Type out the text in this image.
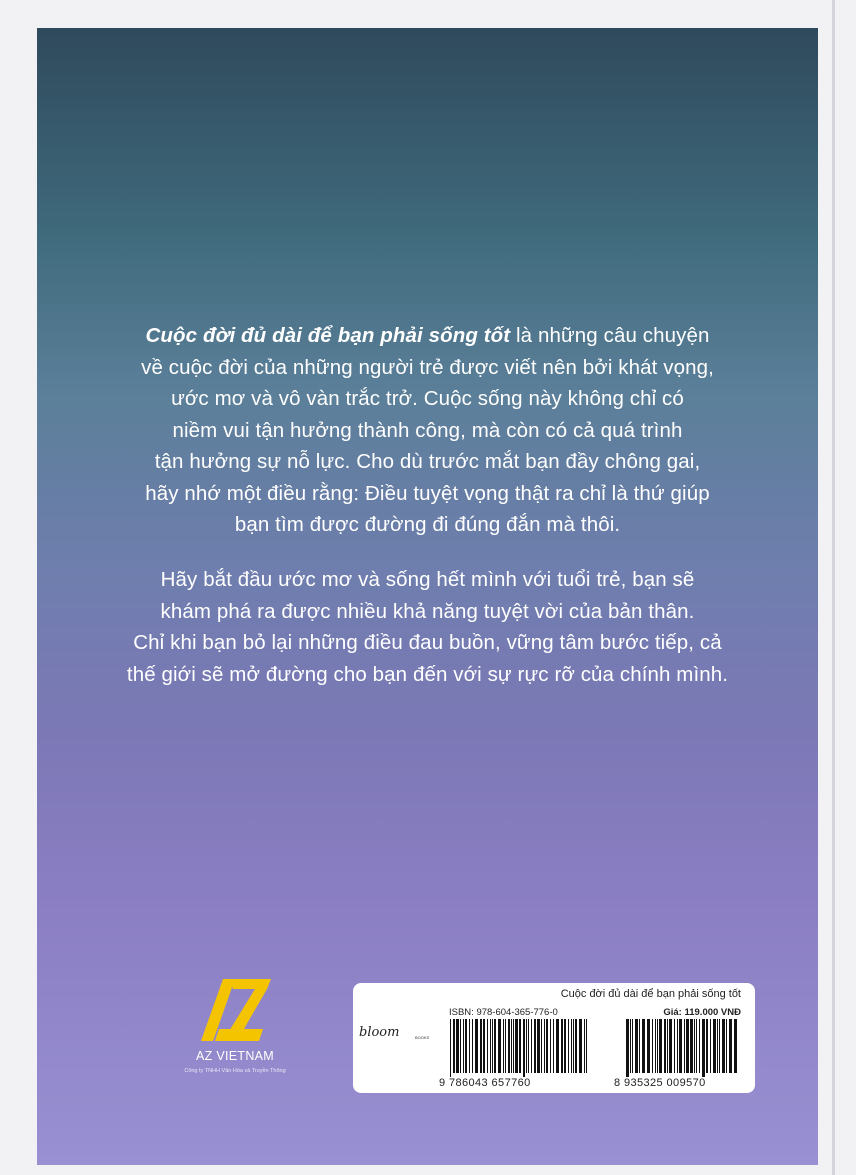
Cuộc đời đủ dài để bạn phải sống tốt là những câu chuyện
về cuộc đời của những người trẻ được viết nên bởi khát vọng,
ước mơ và vô vàn trắc trở. Cuộc sống này không chỉ có
niềm vui tận hưởng thành công, mà còn có cả quá trình
tận hưởng sự nỗ lực. Cho dù trước mắt bạn đầy chông gai,
hãy nhớ một điều rằng: Điều tuyệt vọng thật ra chỉ là thứ giúp
bạn tìm được đường đi đúng đắn mà thôi.
Hãy bắt đầu ước mơ và sống hết mình với tuổi trẻ, bạn sẽ
khám phá ra được nhiều khả năng tuyệt vời của bản thân.
Chỉ khi bạn bỏ lại những điều đau buồn, vững tâm bước tiếp, cả
thế giới sẽ mở đường cho bạn đến với sự rực rỡ của chính mình.
AZ VIETNAM
Công ty TNHH Văn Hóa và Truyền Thông
Cuộc đời đủ dài để bạn phải sống tốt
bloom	BOOKS
ISBN: 978-604-365-776-0	Giá: 119.000 VNĐ
9 786043 657760	8 935325 009570
